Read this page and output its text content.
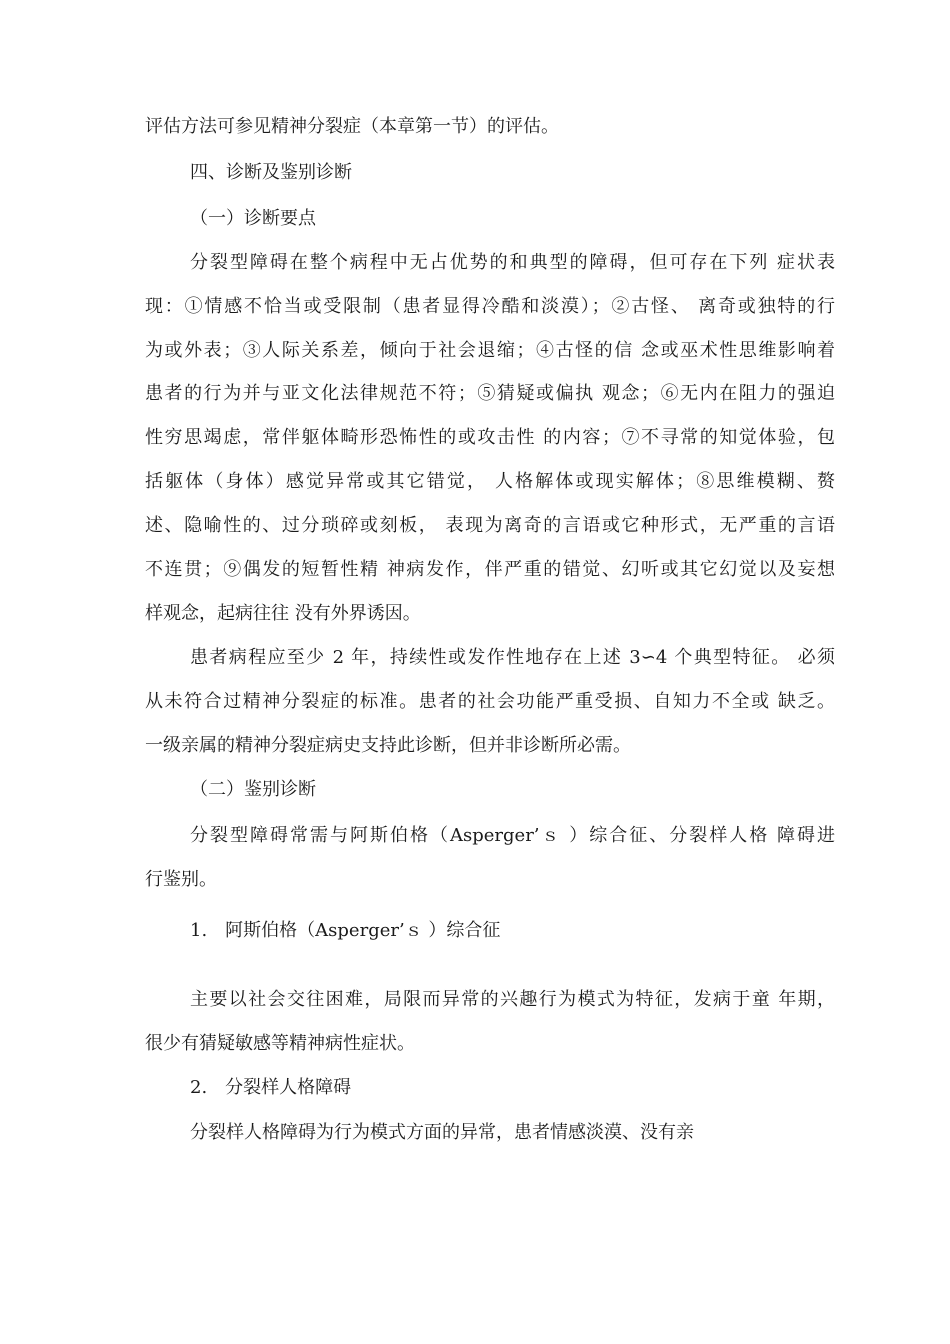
评估方法可参见精神分裂症（本章第一节）的评估。
四、诊断及鉴别诊断
（一）诊断要点
分裂型障碍在整个病程中无占优势的和典型的障碍，但可存在下列 症状表
现：①情感不恰当或受限制（患者显得冷酷和淡漠）；②古怪、 离奇或独特的行
为或外表；③人际关系差，倾向于社会退缩；④古怪的信 念或巫术性思维影响着
患者的行为并与亚文化法律规范不符；⑤猜疑或偏执 观念；⑥无内在阻力的强迫
性穷思竭虑，常伴躯体畸形恐怖性的或攻击性 的内容；⑦不寻常的知觉体验，包
括躯体（身体）感觉异常或其它错觉， 人格解体或现实解体；⑧思维模糊、赘
述、隐喻性的、过分琐碎或刻板， 表现为离奇的言语或它种形式，无严重的言语
不连贯；⑨偶发的短暂性精 神病发作，伴严重的错觉、幻听或其它幻觉以及妄想
样观念，起病往往 没有外界诱因。
患者病程应至少 2 年，持续性或发作性地存在上述 3∽4 个典型特征。 必须
从未符合过精神分裂症的标准。患者的社会功能严重受损、自知力不全或 缺乏。
一级亲属的精神分裂症病史支持此诊断，但并非诊断所必需。
（二）鉴别诊断
分裂型障碍常需与阿斯伯格（Asperger’ｓ ）综合征、分裂样人格 障碍进
行鉴别。
1.　阿斯伯格（Asperger’ｓ ）综合征
主要以社会交往困难，局限而异常的兴趣行为模式为特征，发病于童 年期，
很少有猜疑敏感等精神病性症状。
2.　分裂样人格障碍
分裂样人格障碍为行为模式方面的异常，患者情感淡漠、没有亲
